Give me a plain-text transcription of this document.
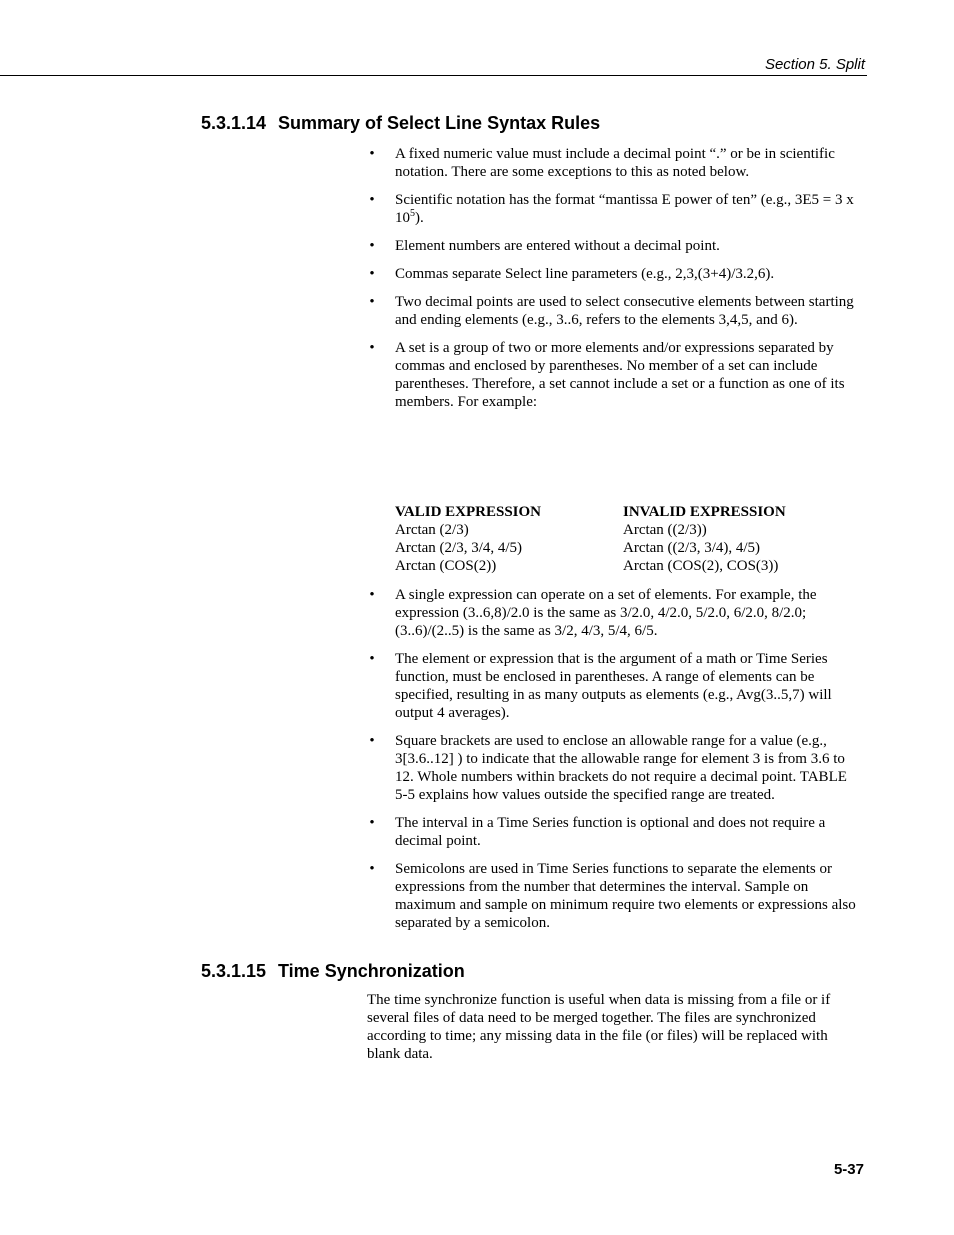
Section 5. Split
5.3.1.14 Summary of Select Line Syntax Rules
• A fixed numeric value must include a decimal point “.” or be in scientific notation. There are some exceptions to this as noted below.
• Scientific notation has the format “mantissa E power of ten” (e.g., 3E5 = 3 x $10^5$).
• Element numbers are entered without a decimal point.
• Commas separate Select line parameters (e.g., 2,3,(3+4)/3.2,6).
• Two decimal points are used to select consecutive elements between starting and ending elements (e.g., 3..6, refers to the elements 3,4,5, and 6).
• A set is a group of two or more elements and/or expressions separated by commas and enclosed by parentheses. No member of a set can include parentheses. Therefore, a set cannot include a set or a function as one of its members. For example:
VALID EXPRESSION	INVALID EXPRESSION
Arctan (2/3)	Arctan ((2/3))
Arctan (2/3, 3/4, 4/5)	Arctan ((2/3, 3/4), 4/5)
Arctan (COS(2))	Arctan (COS(2), COS(3))
• A single expression can operate on a set of elements. For example, the expression (3..6,8)/2.0 is the same as 3/2.0, 4/2.0, 5/2.0, 6/2.0, 8/2.0; (3..6)/(2..5) is the same as 3/2, 4/3, 5/4, 6/5.
• The element or expression that is the argument of a math or Time Series function, must be enclosed in parentheses. A range of elements can be specified, resulting in as many outputs as elements (e.g., Avg(3..5,7) will output 4 averages).
• Square brackets are used to enclose an allowable range for a value (e.g., 3[3.6..12] ) to indicate that the allowable range for element 3 is from 3.6 to 12. Whole numbers within brackets do not require a decimal point. TABLE 5-5 explains how values outside the specified range are treated.
• The interval in a Time Series function is optional and does not require a decimal point.
• Semicolons are used in Time Series functions to separate the elements or expressions from the number that determines the interval. Sample on maximum and sample on minimum require two elements or expressions also separated by a semicolon.
5.3.1.15 Time Synchronization

The time synchronize function is useful when data is missing from a file or if several files of data need to be merged together. The files are synchronized according to time; any missing data in the file (or files) will be replaced with blank data.

5-37
